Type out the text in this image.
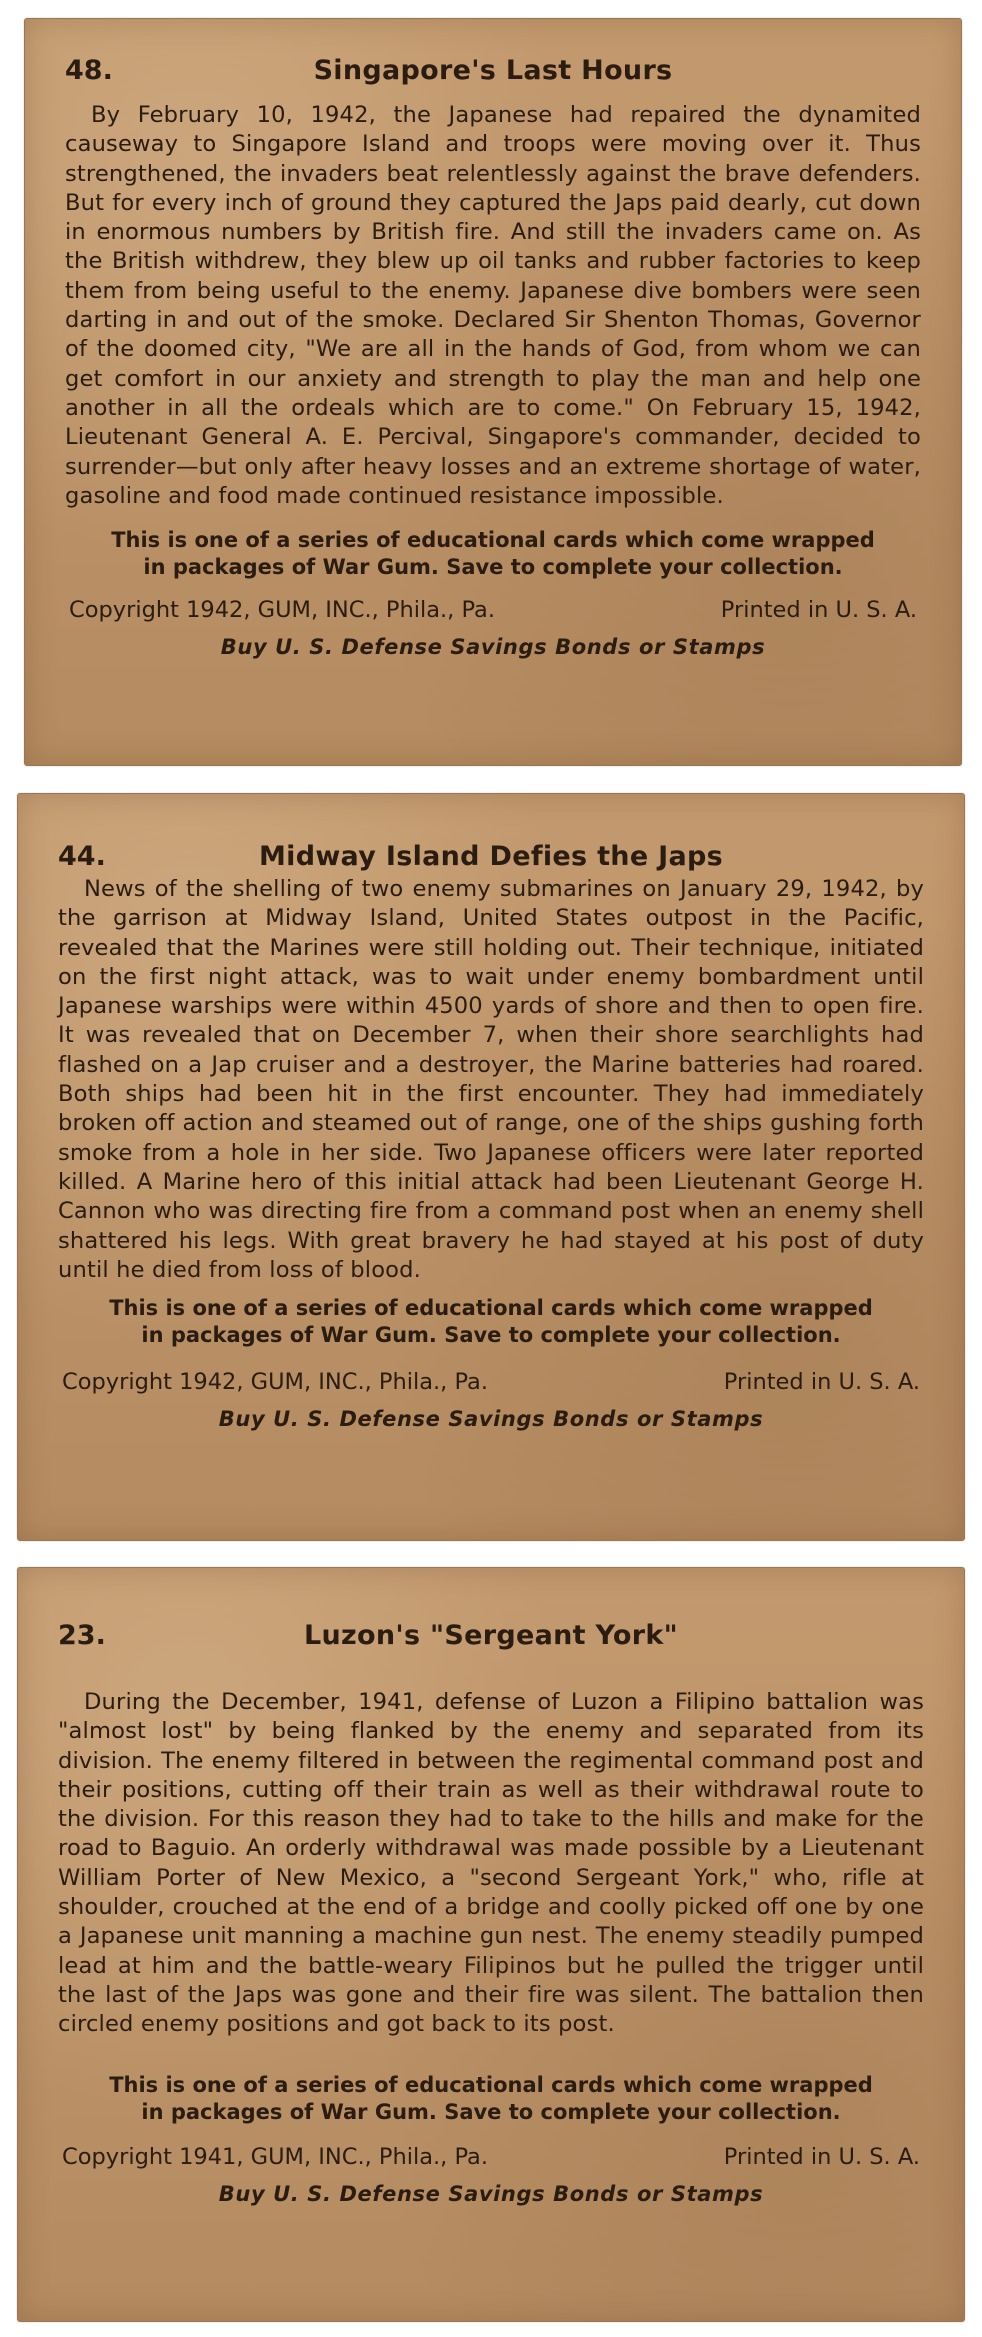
48.	Singapore's Last Hours

By February 10, 1942, the Japanese had repaired the dynamited causeway to Singapore Island and troops were moving over it. Thus strengthened, the invaders beat relentlessly against the brave defenders. But for every inch of ground they captured the Japs paid dearly, cut down in enormous numbers by British fire. And still the invaders came on. As the British withdrew, they blew up oil tanks and rubber factories to keep them from being useful to the enemy. Japanese dive bombers were seen darting in and out of the smoke. Declared Sir Shenton Thomas, Governor of the doomed city, "We are all in the hands of God, from whom we can get comfort in our anxiety and strength to play the man and help one another in all the ordeals which are to come." On February 15, 1942, Lieutenant General A. E. Percival, Singapore's commander, decided to surrender—but only after heavy losses and an extreme shortage of water, gasoline and food made continued resistance impossible.

This is one of a series of educational cards which come wrapped
in packages of War Gum. Save to complete your collection.

Copyright 1942, GUM, INC., Phila., Pa.	Printed in U. S. A.

Buy U. S. Defense Savings Bonds or Stamps

44.	Midway Island Defies the Japs

News of the shelling of two enemy submarines on January 29, 1942, by the garrison at Midway Island, United States outpost in the Pacific, revealed that the Marines were still holding out. Their technique, initiated on the first night attack, was to wait under enemy bombardment until Japanese warships were within 4500 yards of shore and then to open fire. It was revealed that on December 7, when their shore searchlights had flashed on a Jap cruiser and a destroyer, the Marine batteries had roared. Both ships had been hit in the first encounter. They had immediately broken off action and steamed out of range, one of the ships gushing forth smoke from a hole in her side. Two Japanese officers were later reported killed. A Marine hero of this initial attack had been Lieutenant George H. Cannon who was directing fire from a command post when an enemy shell shattered his legs. With great bravery he had stayed at his post of duty until he died from loss of blood.

This is one of a series of educational cards which come wrapped
in packages of War Gum. Save to complete your collection.

Copyright 1942, GUM, INC., Phila., Pa.	Printed in U. S. A.

Buy U. S. Defense Savings Bonds or Stamps

23.	Luzon's "Sergeant York"

During the December, 1941, defense of Luzon a Filipino battalion was "almost lost" by being flanked by the enemy and separated from its division. The enemy filtered in between the regimental command post and their positions, cutting off their train as well as their withdrawal route to the division. For this reason they had to take to the hills and make for the road to Baguio. An orderly withdrawal was made possible by a Lieutenant William Porter of New Mexico, a "second Sergeant York," who, rifle at shoulder, crouched at the end of a bridge and coolly picked off one by one a Japanese unit manning a machine gun nest. The enemy steadily pumped lead at him and the battle-weary Filipinos but he pulled the trigger until the last of the Japs was gone and their fire was silent. The battalion then circled enemy positions and got back to its post.

This is one of a series of educational cards which come wrapped
in packages of War Gum. Save to complete your collection.

Copyright 1941, GUM, INC., Phila., Pa.	Printed in U. S. A.

Buy U. S. Defense Savings Bonds or Stamps
